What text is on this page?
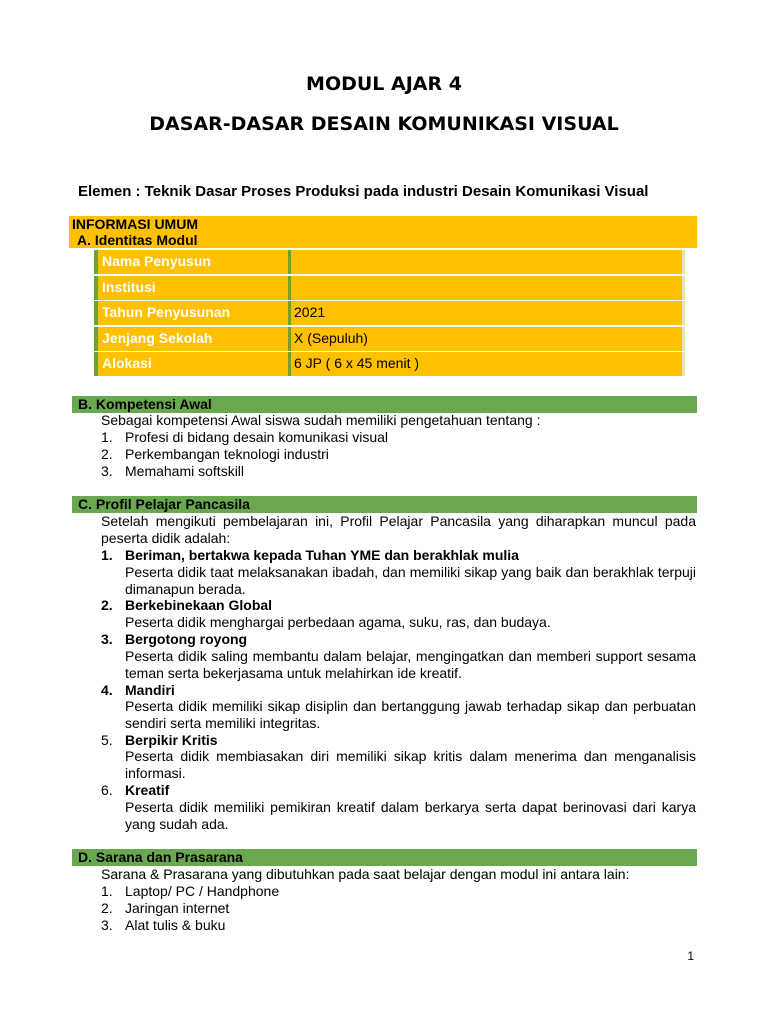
MODUL AJAR 4
DASAR-DASAR DESAIN KOMUNIKASI VISUAL
Elemen : Teknik Dasar Proses Produksi pada industri Desain Komunikasi Visual
INFORMASI UMUM
A. Identitas Modul
Nama Penyusun
Institusi
Tahun Penyusunan	2021
Jenjang Sekolah	X (Sepuluh)
Alokasi	6 JP ( 6 x 45 menit )
B. Kompetensi Awal
Sebagai kompetensi Awal siswa sudah memiliki pengetahuan tentang :
1. Profesi di bidang desain komunikasi visual
2. Perkembangan teknologi industri
3. Memahami softskill
C. Profil Pelajar Pancasila
Setelah mengikuti pembelajaran ini, Profil Pelajar Pancasila yang diharapkan muncul pada peserta didik adalah:
1. Beriman, bertakwa kepada Tuhan YME dan berakhlak mulia
Peserta didik taat melaksanakan ibadah, dan memiliki sikap yang baik dan berakhlak terpuji dimanapun berada.
2. Berkebinekaan Global
Peserta didik menghargai perbedaan agama, suku, ras, dan budaya.
3. Bergotong royong
Peserta didik saling membantu dalam belajar, mengingatkan dan memberi support sesama teman serta bekerjasama untuk melahirkan ide kreatif.
4. Mandiri
Peserta didik memiliki sikap disiplin dan bertanggung jawab terhadap sikap dan perbuatan sendiri serta memiliki integritas.
5. Berpikir Kritis
Peserta didik membiasakan diri memiliki sikap kritis dalam menerima dan menganalisis informasi.
6. Kreatif
Peserta didik memiliki pemikiran kreatif dalam berkarya serta dapat berinovasi dari karya yang sudah ada.
D. Sarana dan Prasarana
Sarana & Prasarana yang dibutuhkan pada saat belajar dengan modul ini antara lain:
1. Laptop/ PC / Handphone
2. Jaringan internet
3. Alat tulis & buku
1
